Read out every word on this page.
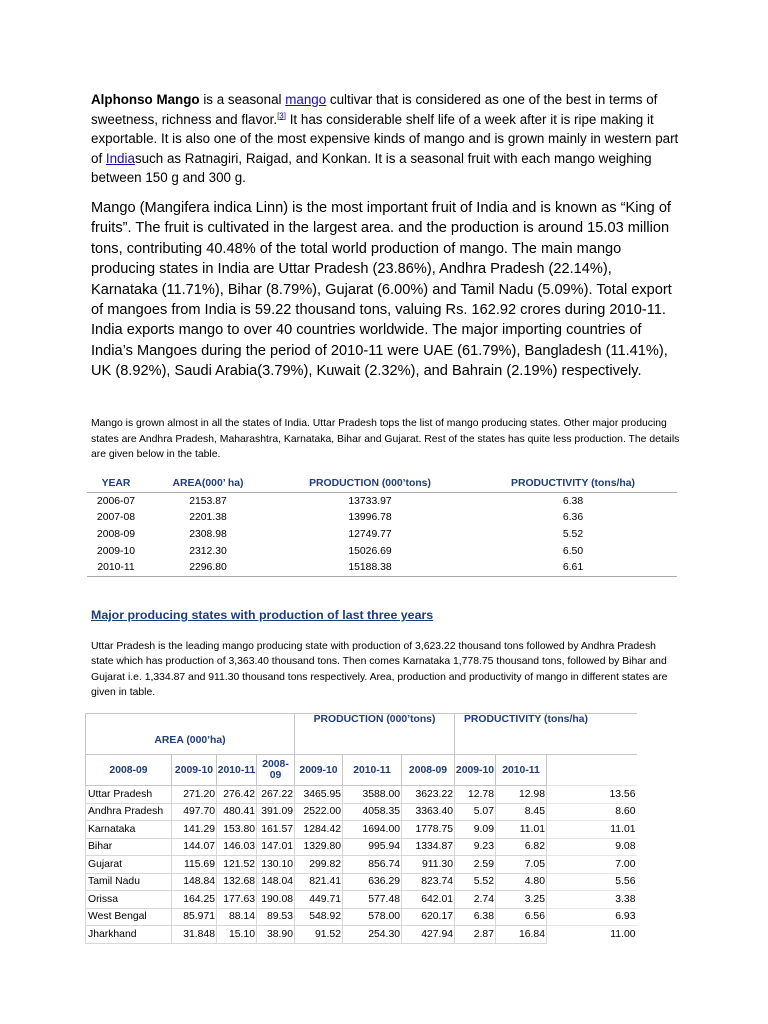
Alphonso Mango is a seasonal mango cultivar that is considered as one of the best in terms of sweetness, richness and flavor.[3] It has considerable shelf life of a week after it is ripe making it exportable. It is also one of the most expensive kinds of mango and is grown mainly in western part of Indiasuch as Ratnagiri, Raigad, and Konkan. It is a seasonal fruit with each mango weighing between 150 g and 300 g.
Mango (Mangifera indica Linn) is the most important fruit of India and is known as “King of fruits”. The fruit is cultivated in the largest area. and the production is around 15.03 million tons, contributing 40.48% of the total world production of mango. The main mango producing states in India are Uttar Pradesh (23.86%), Andhra Pradesh (22.14%), Karnataka (11.71%), Bihar (8.79%), Gujarat (6.00%) and Tamil Nadu (5.09%). Total export of mangoes from India is 59.22 thousand tons, valuing Rs. 162.92 crores during 2010-11. India exports mango to over 40 countries worldwide. The major importing countries of India’s Mangoes during the period of 2010-11 were UAE (61.79%), Bangladesh (11.41%), UK (8.92%), Saudi Arabia(3.79%), Kuwait (2.32%), and Bahrain (2.19%) respectively.
Mango is grown almost in all the states of India. Uttar Pradesh tops the list of mango producing states. Other major producing states are Andhra Pradesh, Maharashtra, Karnataka, Bihar and Gujarat. Rest of the states has quite less production. The details are given below in the table.
YEAR	AREA(000’ ha)	PRODUCTION (000’tons)	PRODUCTIVITY (tons/ha)
2006-07	2153.87	13733.97	6.38
2007-08	2201.38	13996.78	6.36
2008-09	2308.98	12749.77	5.52
2009-10	2312.30	15026.69	6.50
2010-11	2296.80	15188.38	6.61
Major producing states with production of last three years
Uttar Pradesh is the leading mango producing state with production of 3,623.22 thousand tons followed by Andhra Pradesh state which has production of 3,363.40 thousand tons. Then comes Karnataka 1,778.75 thousand tons, followed by Bihar and Gujarat i.e. 1,334.87 and 911.30 thousand tons respectively. Area, production and productivity of mango in different states are given in table.
AREA (000’ha)				PRODUCTION (000’tons)			PRODUCTIVITY (tons/ha)		
2008-09	2009-10	2010-11	2008-09	2009-10	2010-11	2008-09	2009-10	2010-11	
Uttar Pradesh	271.20	276.42	267.22	3465.95	3588.00	3623.22	12.78	12.98	13.56
Andhra Pradesh	497.70	480.41	391.09	2522.00	4058.35	3363.40	5.07	8.45	8.60
Karnataka	141.29	153.80	161.57	1284.42	1694.00	1778.75	9.09	11.01	11.01
Bihar	144.07	146.03	147.01	1329.80	995.94	1334.87	9.23	6.82	9.08
Gujarat	115.69	121.52	130.10	299.82	856.74	911.30	2.59	7.05	7.00
Tamil Nadu	148.84	132.68	148.04	821.41	636.29	823.74	5.52	4.80	5.56
Orissa	164.25	177.63	190.08	449.71	577.48	642.01	2.74	3.25	3.38
West Bengal	85.971	88.14	89.53	548.92	578.00	620.17	6.38	6.56	6.93
Jharkhand	31.848	15.10	38.90	91.52	254.30	427.94	2.87	16.84	11.00
